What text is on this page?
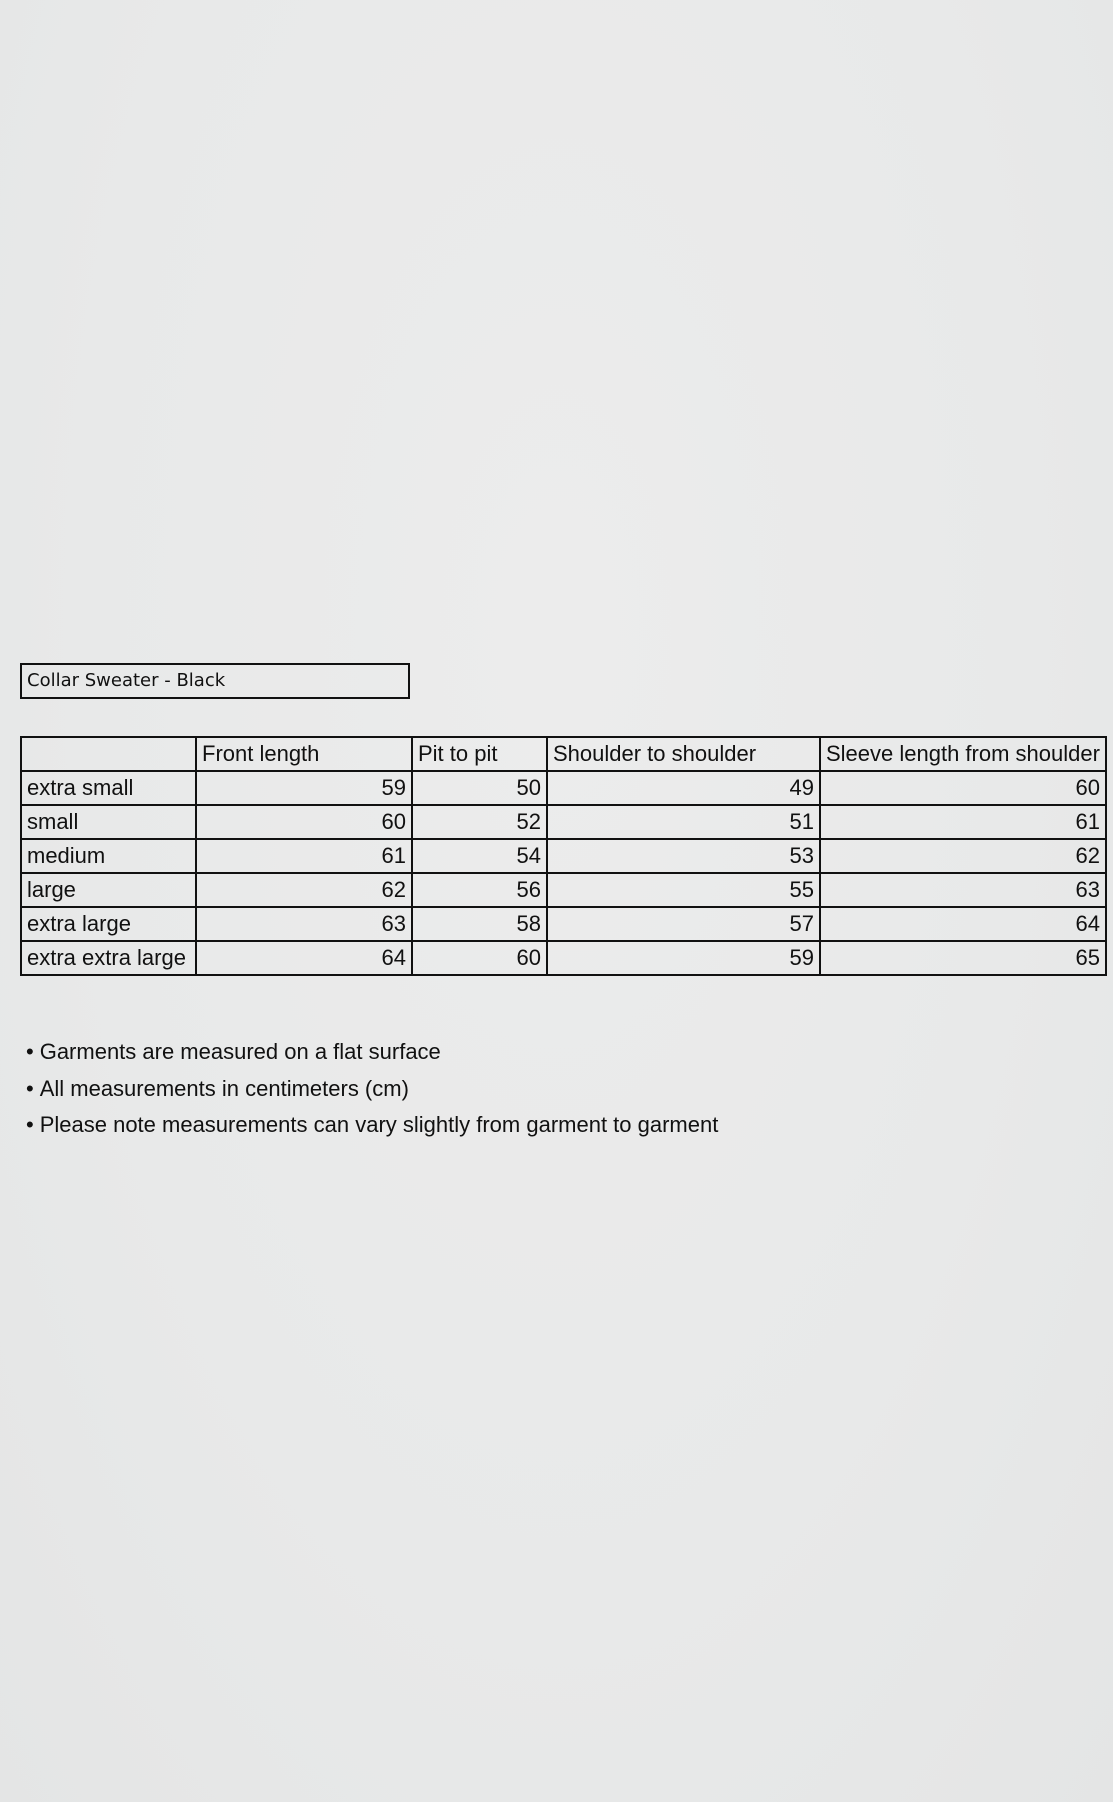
Collar Sweater - Black
	Front length	Pit to pit	Shoulder to shoulder	Sleeve length from shoulder
extra small	59	50	49	60
small	60	52	51	61
medium	61	54	53	62
large	62	56	55	63
extra large	63	58	57	64
extra extra large	64	60	59	65
• Garments are measured on a flat surface
• All measurements in centimeters (cm)
• Please note measurements can vary slightly from garment to garment
